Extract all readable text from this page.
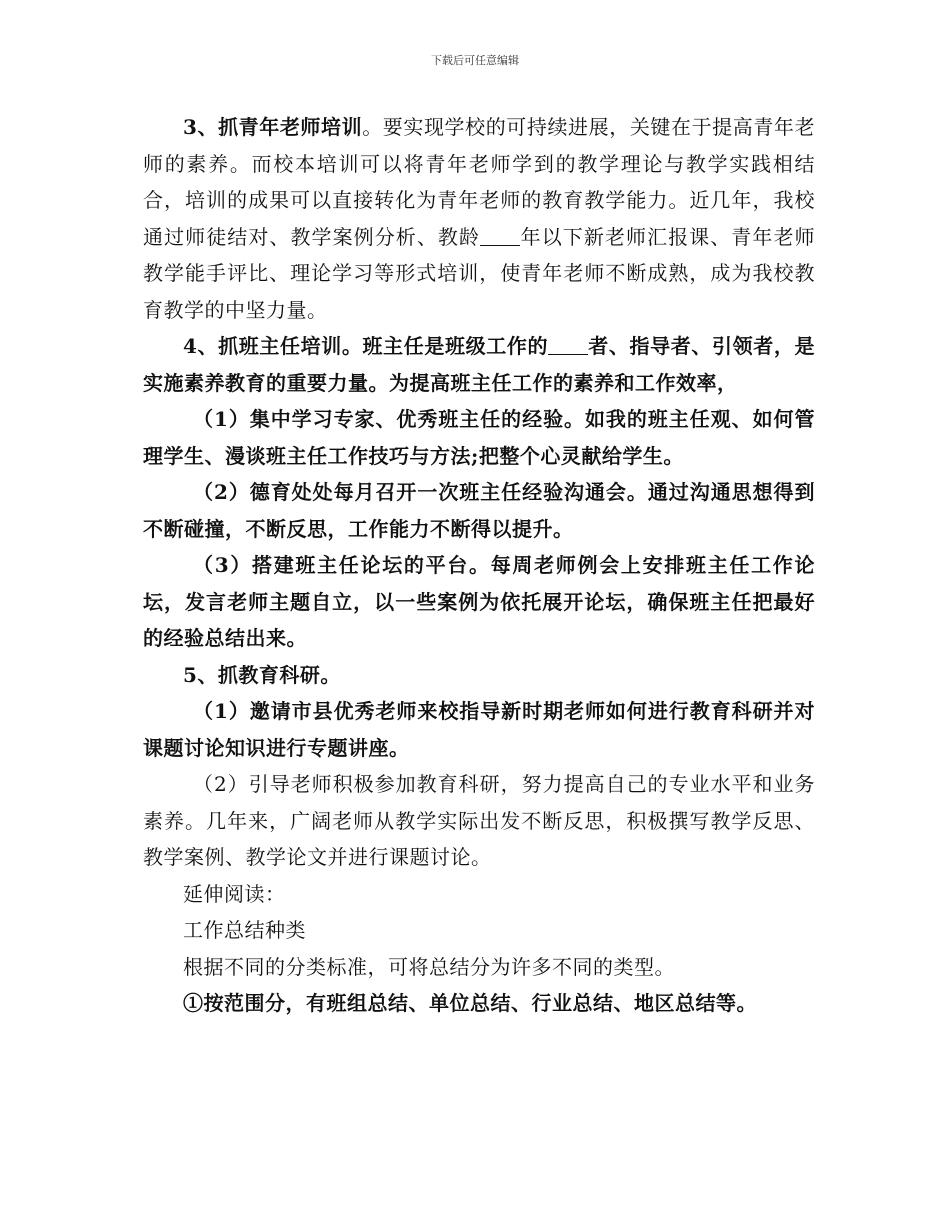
下载后可任意编辑

3、抓青年老师培训。要实现学校的可持续进展，关键在于提高青年老师的素养。而校本培训可以将青年老师学到的教学理论与教学实践相结合，培训的成果可以直接转化为青年老师的教育教学能力。近几年，我校通过师徒结对、教学案例分析、教龄 年以下新老师汇报课、青年老师教学能手评比、理论学习等形式培训，使青年老师不断成熟，成为我校教育教学的中坚力量。

4、抓班主任培训。班主任是班级工作的 者、指导者、引领者，是实施素养教育的重要力量。为提高班主任工作的素养和工作效率，

（1）集中学习专家、优秀班主任的经验。如我的班主任观、如何管理学生、漫谈班主任工作技巧与方法;把整个心灵献给学生。

（2）德育处处每月召开一次班主任经验沟通会。通过沟通思想得到不断碰撞，不断反思，工作能力不断得以提升。

（3）搭建班主任论坛的平台。每周老师例会上安排班主任工作论坛，发言老师主题自立，以一些案例为依托展开论坛，确保班主任把最好的经验总结出来。

5、抓教育科研。

（1）邀请市县优秀老师来校指导新时期老师如何进行教育科研并对课题讨论知识进行专题讲座。

（2）引导老师积极参加教育科研，努力提高自己的专业水平和业务素养。几年来，广阔老师从教学实际出发不断反思，积极撰写教学反思、教学案例、教学论文并进行课题讨论。

延伸阅读：

工作总结种类

根据不同的分类标准，可将总结分为许多不同的类型。

①按范围分，有班组总结、单位总结、行业总结、地区总结等。
